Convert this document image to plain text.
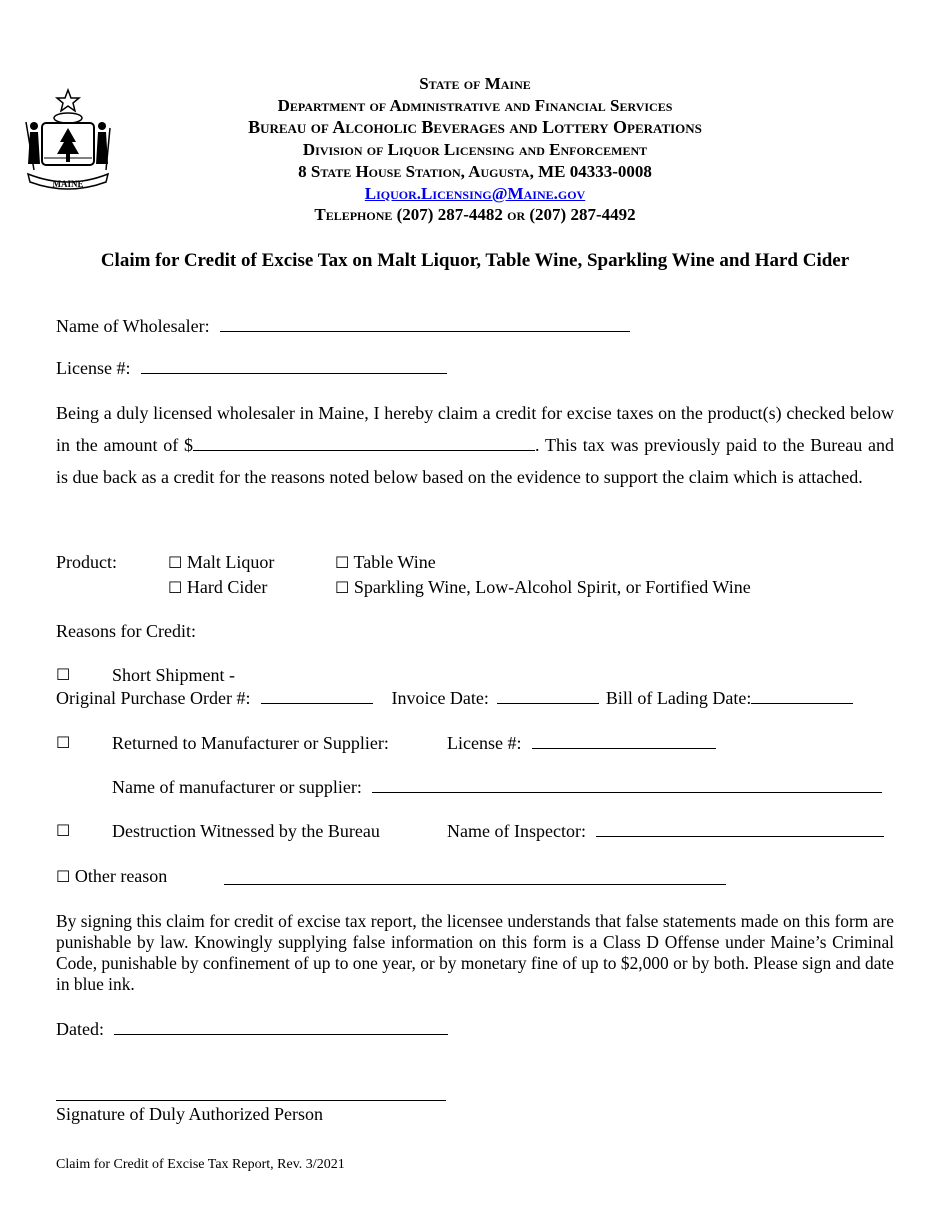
MAINE
State of Maine
Department of Administrative and Financial Services
Bureau of Alcoholic Beverages and Lottery Operations
Division of Liquor Licensing and Enforcement
8 State House Station, Augusta, ME 04333-0008
Liquor.Licensing@Maine.gov
Telephone (207) 287-4482 or (207) 287-4492
Claim for Credit of Excise Tax on Malt Liquor, Table Wine, Sparkling Wine and Hard Cider
Name of Wholesaler:
License #:
Being a duly licensed wholesaler in Maine, I hereby claim a credit for excise taxes on the product(s) checked below in the amount of $	. This tax was previously paid to the Bureau and is due back as a credit for the reasons noted below based on the evidence to support the claim which is attached.
Product:	☐ Malt Liquor	☐ Table Wine
☐ Hard Cider	☐ Sparkling Wine, Low-Alcohol Spirit, or Fortified Wine
Reasons for Credit:
☐ Short Shipment -
Original Purchase Order #:	Invoice Date:	Bill of Lading Date:
☐ Returned to Manufacturer or Supplier:	License #:
Name of manufacturer or supplier:
☐ Destruction Witnessed by the Bureau	Name of Inspector:
☐ Other reason
By signing this claim for credit of excise tax report, the licensee understands that false statements made on this form are punishable by law. Knowingly supplying false information on this form is a Class D Offense under Maine’s Criminal Code, punishable by confinement of up to one year, or by monetary fine of up to $2,000 or by both. Please sign and date in blue ink.
Dated:
Signature of Duly Authorized Person
Claim for Credit of Excise Tax Report, Rev. 3/2021
